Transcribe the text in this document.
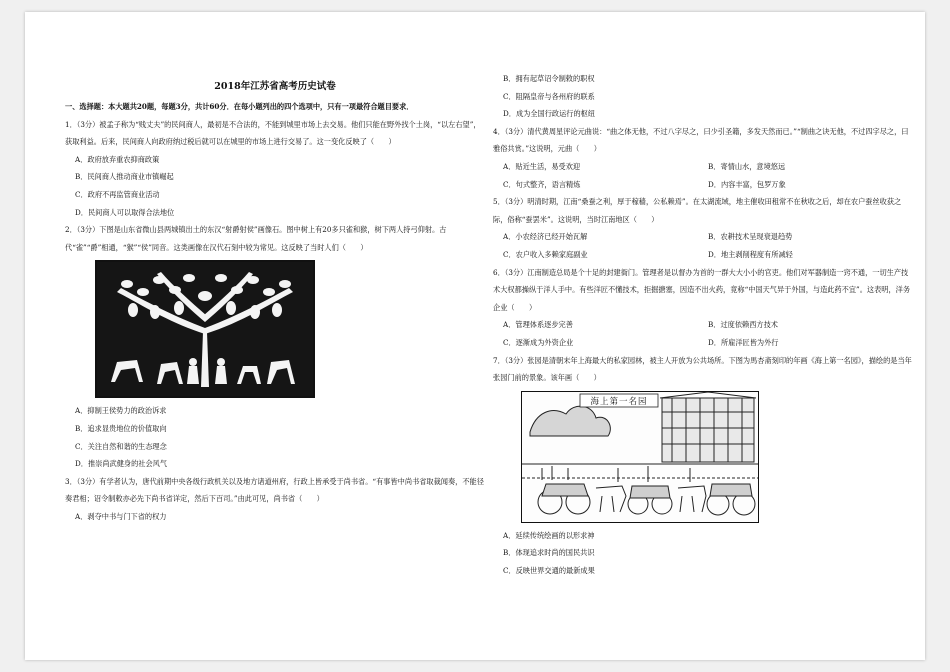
2018年江苏省高考历史试卷
一、选择题：本大题共20题，每题3分，共计60分．在每小题列出的四个选项中，只有一项最符合题目要求．

1．（3分）被孟子称为“贱丈夫”的民间商人，最初是不合法的，不能到城里市场上去交易。他们只能在野外找个土岗，“以左右望”，获取利益。后来，民间商人向政府纳过税后就可以在城里的市场上进行交易了。这一变化反映了（　　）

A．政府放弃重农抑商政策

B．民间商人推动商业市镇崛起

C．政府不再监管商业活动

D．民间商人可以取得合法地位

2．（3分）下图是山东省微山县两城镇出土的东汉“射爵射侯”画像石。图中树上有20多只雀和猴，树下两人持弓仰射。古代“雀”“爵”相通，“猴”“侯”同音。这类画像在汉代石刻中较为常见。这反映了当时人们（　　）

A．抑制王侯势力的政治诉求

B．追求显贵地位的价值取向

C．关注自然和谐的生态理念

D．推崇尚武健身的社会风气

3．（3分）有学者认为，唐代前期中央各级行政机关以及地方诸道州府，行政上皆承受于尚书省。“有事皆中尚书省取裁闻奏，不能径奏君相；诏令制敕亦必先下尚书省详定，然后下百司。”由此可见，尚书省（　　）

A．剥夺中书与门下省的权力

B．拥有起草诏令制敕的职权

C．阻隔皇帝与各州府的联系

D．成为全国行政运行的枢纽

4．（3分）清代黄周星评论元曲说：“曲之体无他，不过八字尽之，曰少引圣籍，多发天然而已。”“制曲之诀无他，不过四字尽之，曰雅俗共赏。”这说明，元曲（　　）

A．贴近生活，易受欢迎	B．寄情山水，意境悠远
C．句式整齐，语言精炼	D．内容丰富，包罗万象

5．（3分）明清时期，江南“桑蚕之利，厚于稼穑，公私赖焉”。在太湖流域，地主催收田租常不在秋收之后，却在农户蚕丝收获之际，俗称“蚕罢米”。这说明，当时江南地区（　　）

A．小农经济已经开始瓦解	B．农耕技术呈现衰退趋势
C．农户收入多赖家庭副业	D．地主剥削程度有所减轻

6．（3分）江南制造总局是个十足的封建衙门。管理者是以督办为首的一群大大小小的官吏。他们对军器制造一窍不通，一切生产技术大权都操纵于洋人手中。有些洋匠不懂技术，拒掘搪塞，因造不出火药，竟称“中国天气异于外国，与造此药不宜”。这表明，洋务企业（　　）

A．管理体系逐步完善	B．过度依赖西方技术
C．逐渐成为外资企业	D．所雇洋匠皆为外行

7．（3分）张园是清朝末年上海最大的私家园林，被主人开放为公共场所。下图为馬杏斋刻印的年画《海上第一名园》，描绘的是当年张园门前的景象。该年画（　　）

海上第一名园

A．延续传统绘画的以形求神

B．体现追求时尚的国民共识

C．反映世界交通的最新成果
